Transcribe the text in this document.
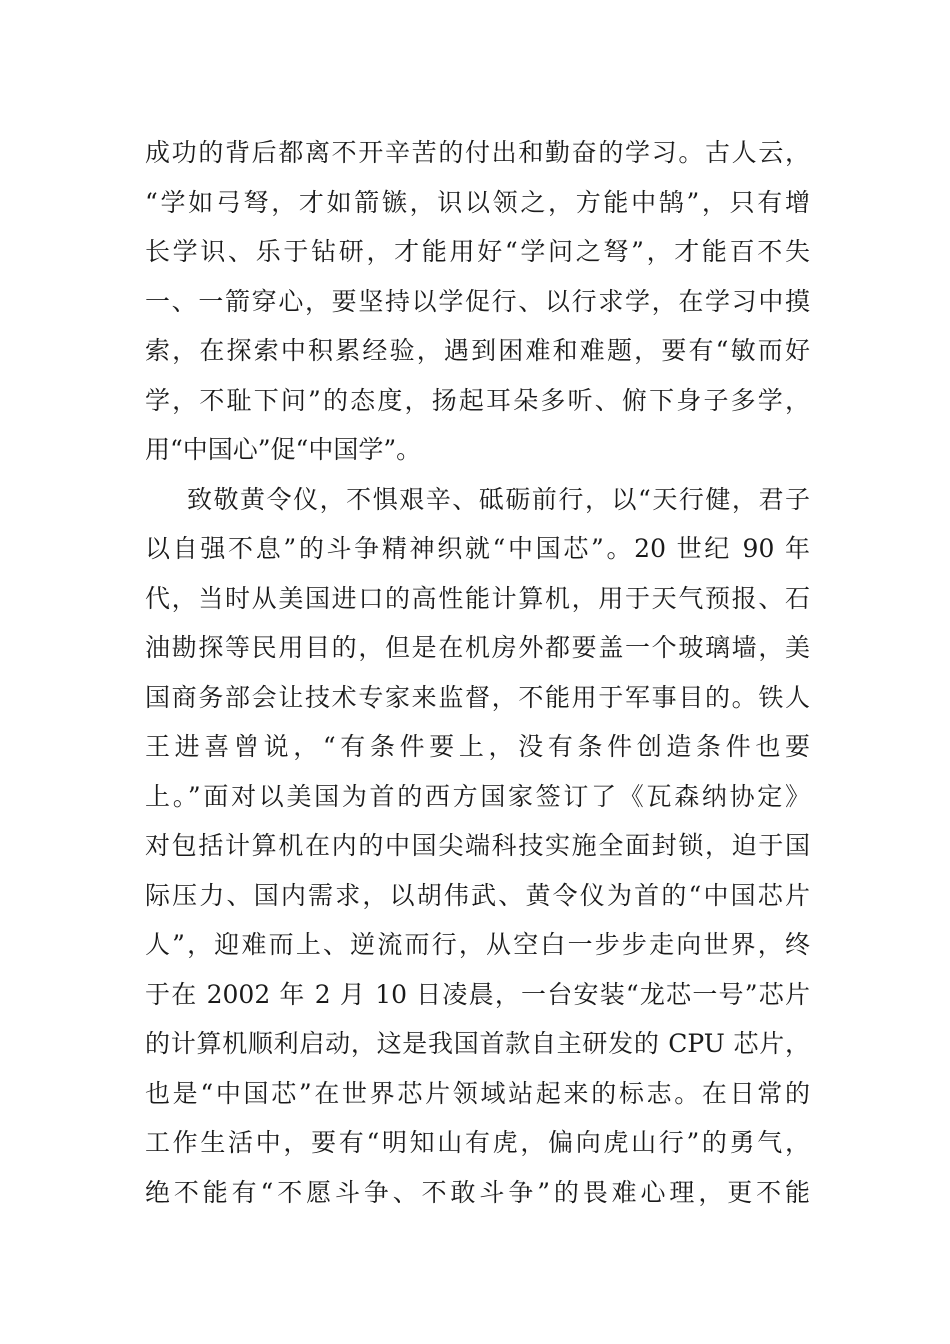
成功的背后都离不开辛苦的付出和勤奋的学习。古人云，
“学如弓弩，才如箭镞，识以领之，方能中鹄”，只有增
长学识、乐于钻研，才能用好“学问之弩”，才能百不失
一、一箭穿心，要坚持以学促行、以行求学，在学习中摸
索，在探索中积累经验，遇到困难和难题，要有“敏而好
学，不耻下问”的态度，扬起耳朵多听、俯下身子多学，
用“中国心”促“中国学”。
致敬黄令仪，不惧艰辛、砥砺前行，以“天行健，君子
以自强不息”的斗争精神织就“中国芯”。20 世纪 90 年
代，当时从美国进口的高性能计算机，用于天气预报、石
油勘探等民用目的，但是在机房外都要盖一个玻璃墙，美
国商务部会让技术专家来监督，不能用于军事目的。铁人
王进喜曾说，“有条件要上，没有条件创造条件也要
上。”面对以美国为首的西方国家签订了《瓦森纳协定》
对包括计算机在内的中国尖端科技实施全面封锁，迫于国
际压力、国内需求，以胡伟武、黄令仪为首的“中国芯片
人”，迎难而上、逆流而行，从空白一步步走向世界，终
于在 2002 年 2 月 10 日凌晨，一台安装“龙芯一号”芯片
的计算机顺利启动，这是我国首款自主研发的 CPU 芯片，
也是“中国芯”在世界芯片领域站起来的标志。在日常的
工作生活中，要有“明知山有虎，偏向虎山行”的勇气，
绝不能有“不愿斗争、不敢斗争”的畏难心理，更不能
